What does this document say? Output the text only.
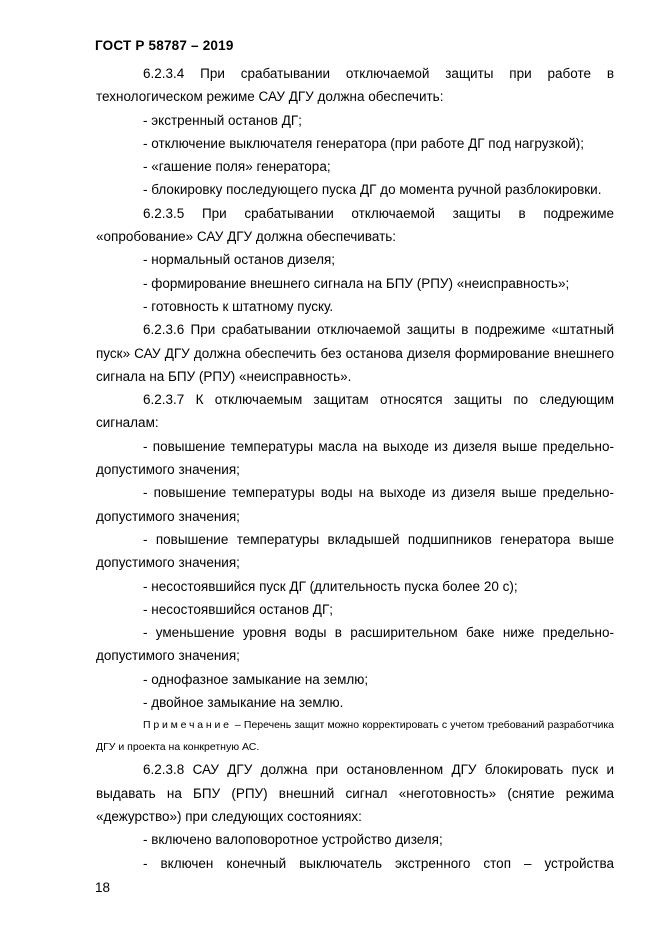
ГОСТ Р 58787 – 2019

6.2.3.4 При срабатывании отключаемой защиты при работе в

технологическом режиме САУ ДГУ должна обеспечить:

- экстренный останов ДГ;

- отключение выключателя генератора (при работе ДГ под нагрузкой);

- «гашение поля» генератора;

- блокировку последующего пуска ДГ до момента ручной разблокировки.

6.2.3.5 При срабатывании отключаемой защиты в подрежиме

«опробование» САУ ДГУ должна обеспечивать:

- нормальный останов дизеля;

- формирование внешнего сигнала на БПУ (РПУ) «неисправность»;

- готовность к штатному пуску.

6.2.3.6 При срабатывании отключаемой защиты в подрежиме «штатный пуск» САУ ДГУ должна обеспечить без останова дизеля формирование внешнего сигнала на БПУ (РПУ) «неисправность».

6.2.3.7 К отключаемым защитам относятся защиты по следующим

сигналам:

- повышение температуры масла на выходе из дизеля выше предельно-допустимого значения;

- повышение температуры воды на выходе из дизеля выше предельно-допустимого значения;

- повышение температуры вкладышей подшипников генератора выше допустимого значения;

- несостоявшийся пуск ДГ (длительность пуска более 20 с);

- несостоявшийся останов ДГ;

- уменьшение уровня воды в расширительном баке ниже предельно-допустимого значения;

- однофазное замыкание на землю;

- двойное замыкание на землю.

Примечание – Перечень защит можно корректировать с учетом требований разработчика ДГУ и проекта на конкретную АС.

6.2.3.8 САУ ДГУ должна при остановленном ДГУ блокировать пуск и выдавать на БПУ (РПУ) внешний сигнал «неготовность» (снятие режима «дежурство») при следующих состояниях:

- включено валоповоротное устройство дизеля;

- включен конечный выключатель экстренного стоп – устройства

18
